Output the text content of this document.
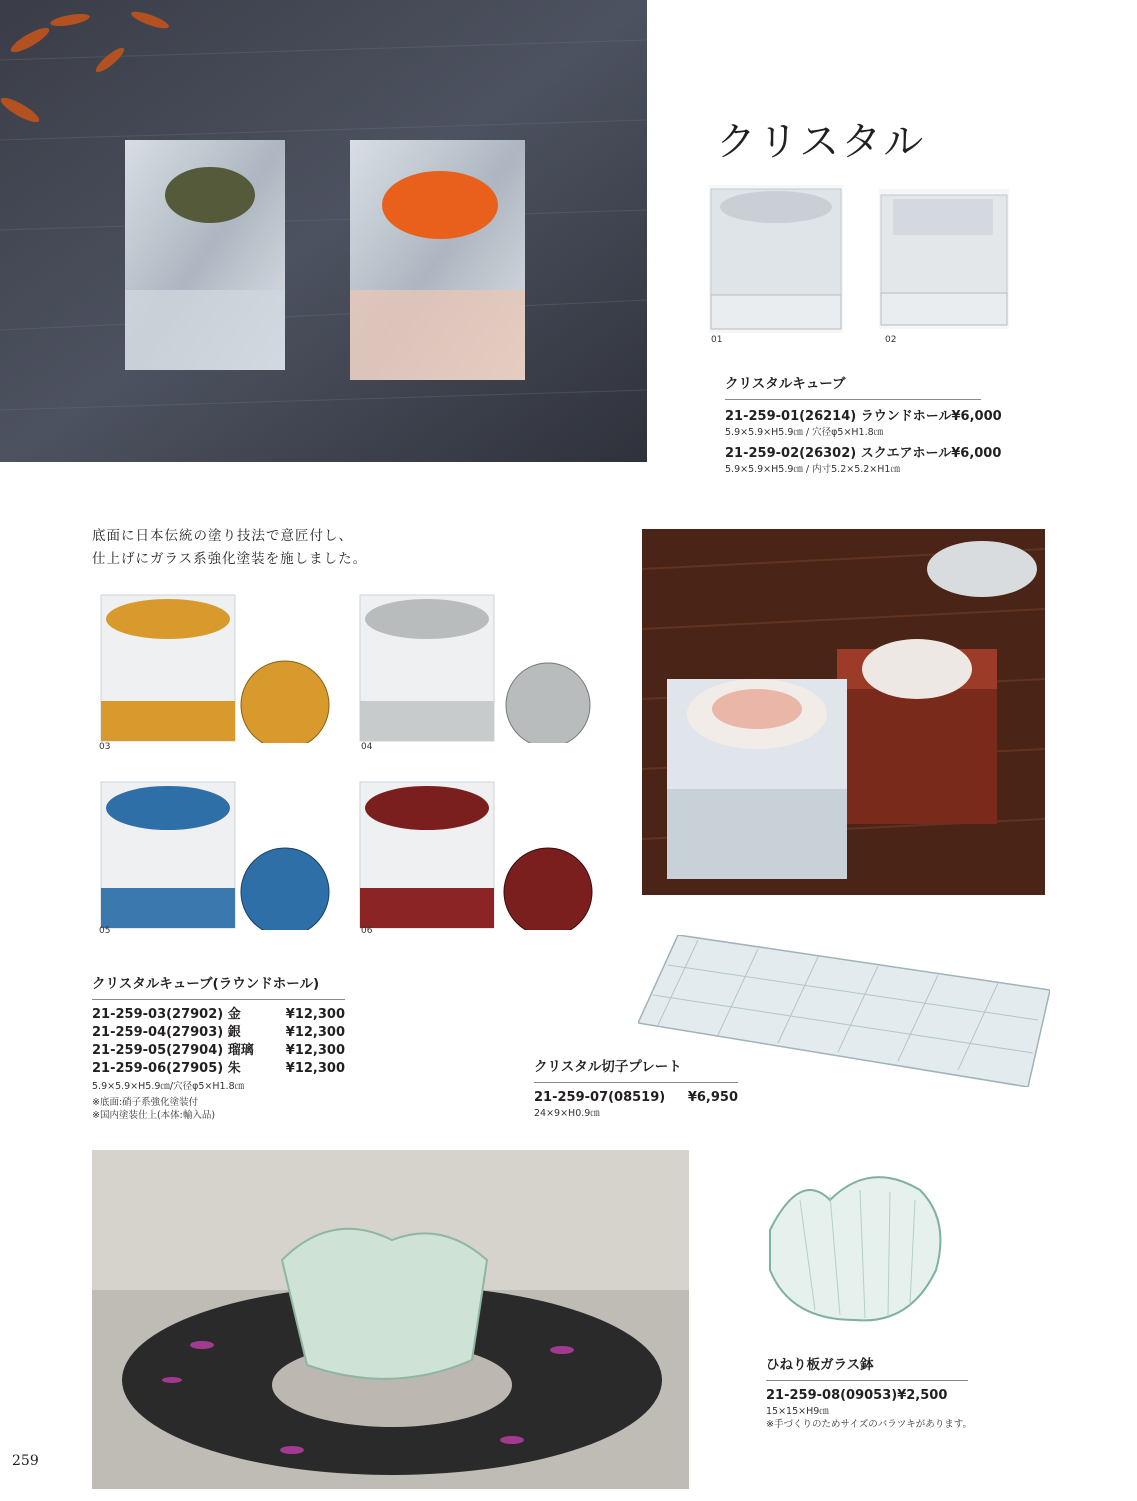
クリスタル
01	02
クリスタルキューブ
21-259-01(26214) ラウンドホール ¥6,000
5.9×5.9×H5.9㎝ / 穴径φ5×H1.8㎝
21-259-02(26302) スクエアホール ¥6,000
5.9×5.9×H5.9㎝ / 内寸5.2×5.2×H1㎝
底面に日本伝統の塗り技法で意匠付し、
仕上げにガラス系強化塗装を施しました。
03	04
05	06
クリスタルキューブ(ラウンドホール)
21-259-03(27902) 金	¥12,300
21-259-04(27903) 銀	¥12,300
21-259-05(27904) 瑠璃 ¥12,300
21-259-06(27905) 朱	¥12,300
5.9×5.9×H5.9㎝/穴径φ5×H1.8㎝
※底面:硝子系強化塗装付
※国内塗装仕上(本体:輸入品)
クリスタル切子プレート
21-259-07(08519) ¥6,950
24×9×H0.9㎝
ひねり板ガラス鉢
21-259-08(09053) ¥2,500
15×15×H9㎝
※手づくりのためサイズのバラツキがあります。
259
